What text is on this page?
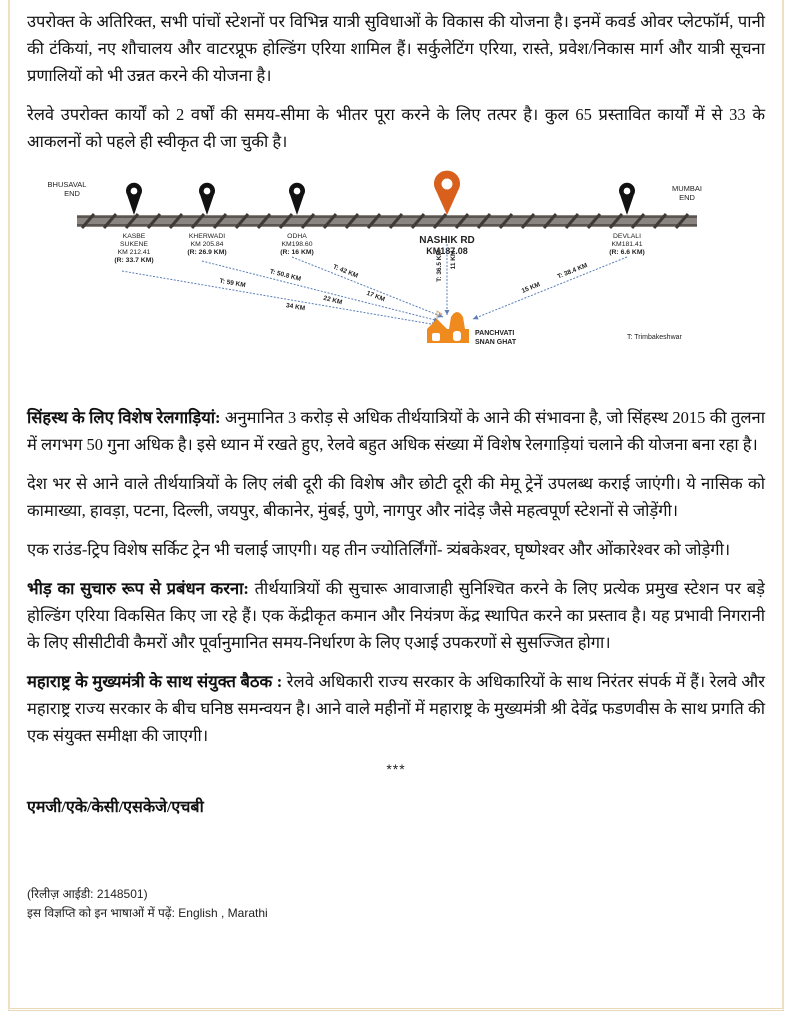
उपरोक्त के अतिरिक्त, सभी पांचों स्टेशनों पर विभिन्न यात्री सुविधाओं के विकास की योजना है। इनमें कवर्ड ओवर प्लेटफॉर्म, पानी की टंकियां, नए शौचालय और वाटरप्रूफ होल्डिंग एरिया शामिल हैं। सर्कुलेटिंग एरिया, रास्ते, प्रवेश/निकास मार्ग और यात्री सूचना प्रणालियों को भी उन्नत करने की योजना है।

रेलवे उपरोक्त कार्यों को 2 वर्षों की समय-सीमा के भीतर पूरा करने के लिए तत्पर है। कुल 65 प्रस्तावित कार्यों में से 33 के आकलनों को पहले ही स्वीकृत दी जा चुकी है।

BHUSAVAL
END
MUMBAI
END
KASBE
SUKENE
KM 212.41
(R: 33.7 KM)
KHERWADI
KM 205.84
(R: 26.9 KM)
ODHA
KM198.60
(R: 16 KM)
NASHIK RD
KM187.08
DEVLALI
KM181.41
(R: 6.6 KM)
T: 59 KM
34 KM
T: 50.8 KM
22 KM
T: 42 KM
17 KM
T: 36.5 KM 11 KM
T: 38.4 KM
15 KM
PANCHVATI
SNAN GHAT
T: Trimbakeshwar

सिंहस्थ के लिए विशेष रेलगाड़ियां: अनुमानित 3 करोड़ से अधिक तीर्थयात्रियों के आने की संभावना है, जो सिंहस्थ 2015 की तुलना में लगभग 50 गुना अधिक है। इसे ध्यान में रखते हुए, रेलवे बहुत अधिक संख्या में विशेष रेलगाड़ियां चलाने की योजना बना रहा है।

देश भर से आने वाले तीर्थयात्रियों के लिए लंबी दूरी की विशेष और छोटी दूरी की मेमू ट्रेनें उपलब्ध कराई जाएंगी। ये नासिक को कामाख्या, हावड़ा, पटना, दिल्ली, जयपुर, बीकानेर, मुंबई, पुणे, नागपुर और नांदेड़ जैसे महत्वपूर्ण स्टेशनों से जोड़ेंगी।

एक राउंड-ट्रिप विशेष सर्किट ट्रेन भी चलाई जाएगी। यह तीन ज्योतिर्लिंगों- त्र्यंबकेश्वर, घृष्णेश्वर और ओंकारेश्वर को जोड़ेगी।

भीड़ का सुचारु रूप से प्रबंधन करना: तीर्थयात्रियों की सुचारू आवाजाही सुनिश्चित करने के लिए प्रत्येक प्रमुख स्टेशन पर बड़े होल्डिंग एरिया विकसित किए जा रहे हैं। एक केंद्रीकृत कमान और नियंत्रण केंद्र स्थापित करने का प्रस्ताव है। यह प्रभावी निगरानी के लिए सीसीटीवी कैमरों और पूर्वानुमानित समय-निर्धारण के लिए एआई उपकरणों से सुसज्जित होगा।

महाराष्ट्र के मुख्यमंत्री के साथ संयुक्त बैठक : रेलवे अधिकारी राज्य सरकार के अधिकारियों के साथ निरंतर संपर्क में हैं। रेलवे और महाराष्ट्र राज्य सरकार के बीच घनिष्ठ समन्वयन है। आने वाले महीनों में महाराष्ट्र के मुख्यमंत्री श्री देवेंद्र फडणवीस के साथ प्रगति की एक संयुक्त समीक्षा की जाएगी।

***
एमजी/एके/केसी/एसकेजे/एचबी
(रिलीज़ आईडी: 2148501)
इस विज्ञप्ति को इन भाषाओं में पढ़ें: English , Marathi
